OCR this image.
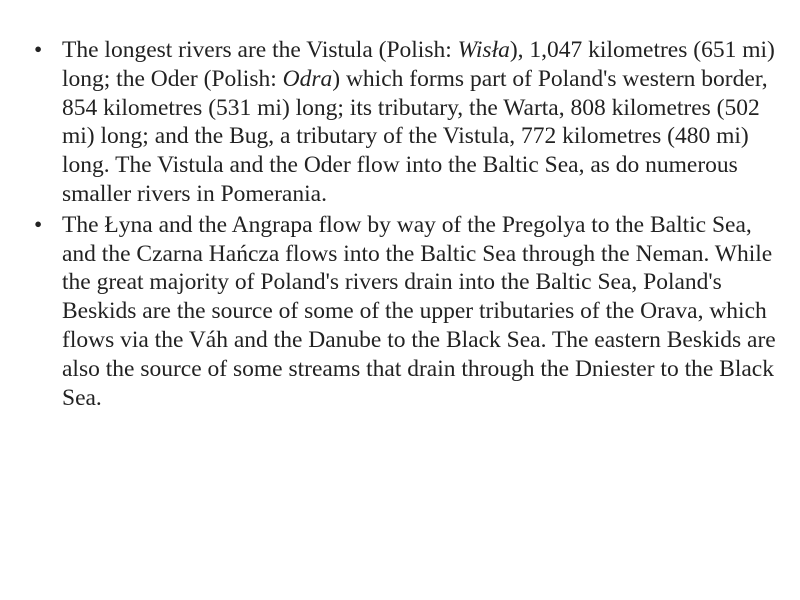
• The longest rivers are the Vistula (Polish: Wisła), 1,047 kilometres (651 mi) long; the Oder (Polish: Odra) which forms part of Poland's western border, 854 kilometres (531 mi) long; its tributary, the Warta, 808 kilometres (502 mi) long; and the Bug, a tributary of the Vistula, 772 kilometres (480 mi) long. The Vistula and the Oder flow into the Baltic Sea, as do numerous smaller rivers in Pomerania.
• The Łyna and the Angrapa flow by way of the Pregolya to the Baltic Sea, and the Czarna Hańcza flows into the Baltic Sea through the Neman. While the great majority of Poland's rivers drain into the Baltic Sea, Poland's Beskids are the source of some of the upper tributaries of the Orava, which flows via the Váh and the Danube to the Black Sea. The eastern Beskids are also the source of some streams that drain through the Dniester to the Black Sea.
